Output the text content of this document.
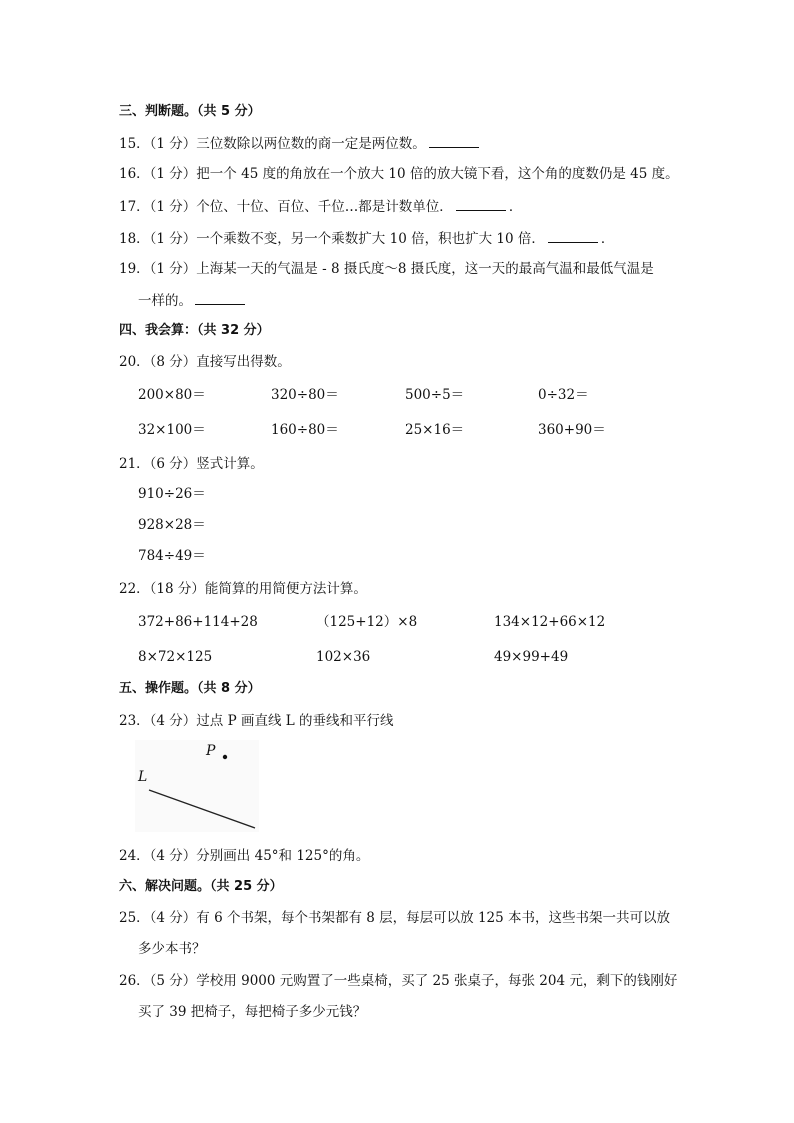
三、判断题。（共 5 分）
15．（1 分）三位数除以两位数的商一定是两位数。
16．（1 分）把一个 45 度的角放在一个放大 10 倍的放大镜下看，这个角的度数仍是 45 度。
17．（1 分）个位、十位、百位、千位…都是计数单位．	．
18．（1 分）一个乘数不变，另一个乘数扩大 10 倍，积也扩大 10 倍．	．
19．（1 分）上海某一天的气温是 - 8 摄氏度～8 摄氏度，这一天的最高气温和最低气温是
一样的。
四、我会算：（共 32 分）
20．（8 分）直接写出得数。
200×80＝	320÷80＝	500÷5＝	0÷32＝
32×100＝	160÷80＝	25×16＝	360+90＝
21．（6 分）竖式计算。
910÷26＝
928×28＝
784÷49＝
22．（18 分）能简算的用简便方法计算。
372+86+114+28	（125+12）×8	134×12+66×12
8×72×125	102×36	49×99+49
五、操作题。（共 8 分）
23．（4 分）过点 P 画直线 L 的垂线和平行线
P
L
24．（4 分）分别画出 45°和 125°的角。
六、解决问题。（共 25 分）
25．（4 分）有 6 个书架，每个书架都有 8 层，每层可以放 125 本书，这些书架一共可以放
多少本书？
26．（5 分）学校用 9000 元购置了一些桌椅，买了 25 张桌子，每张 204 元，剩下的钱刚好
买了 39 把椅子，每把椅子多少元钱？
